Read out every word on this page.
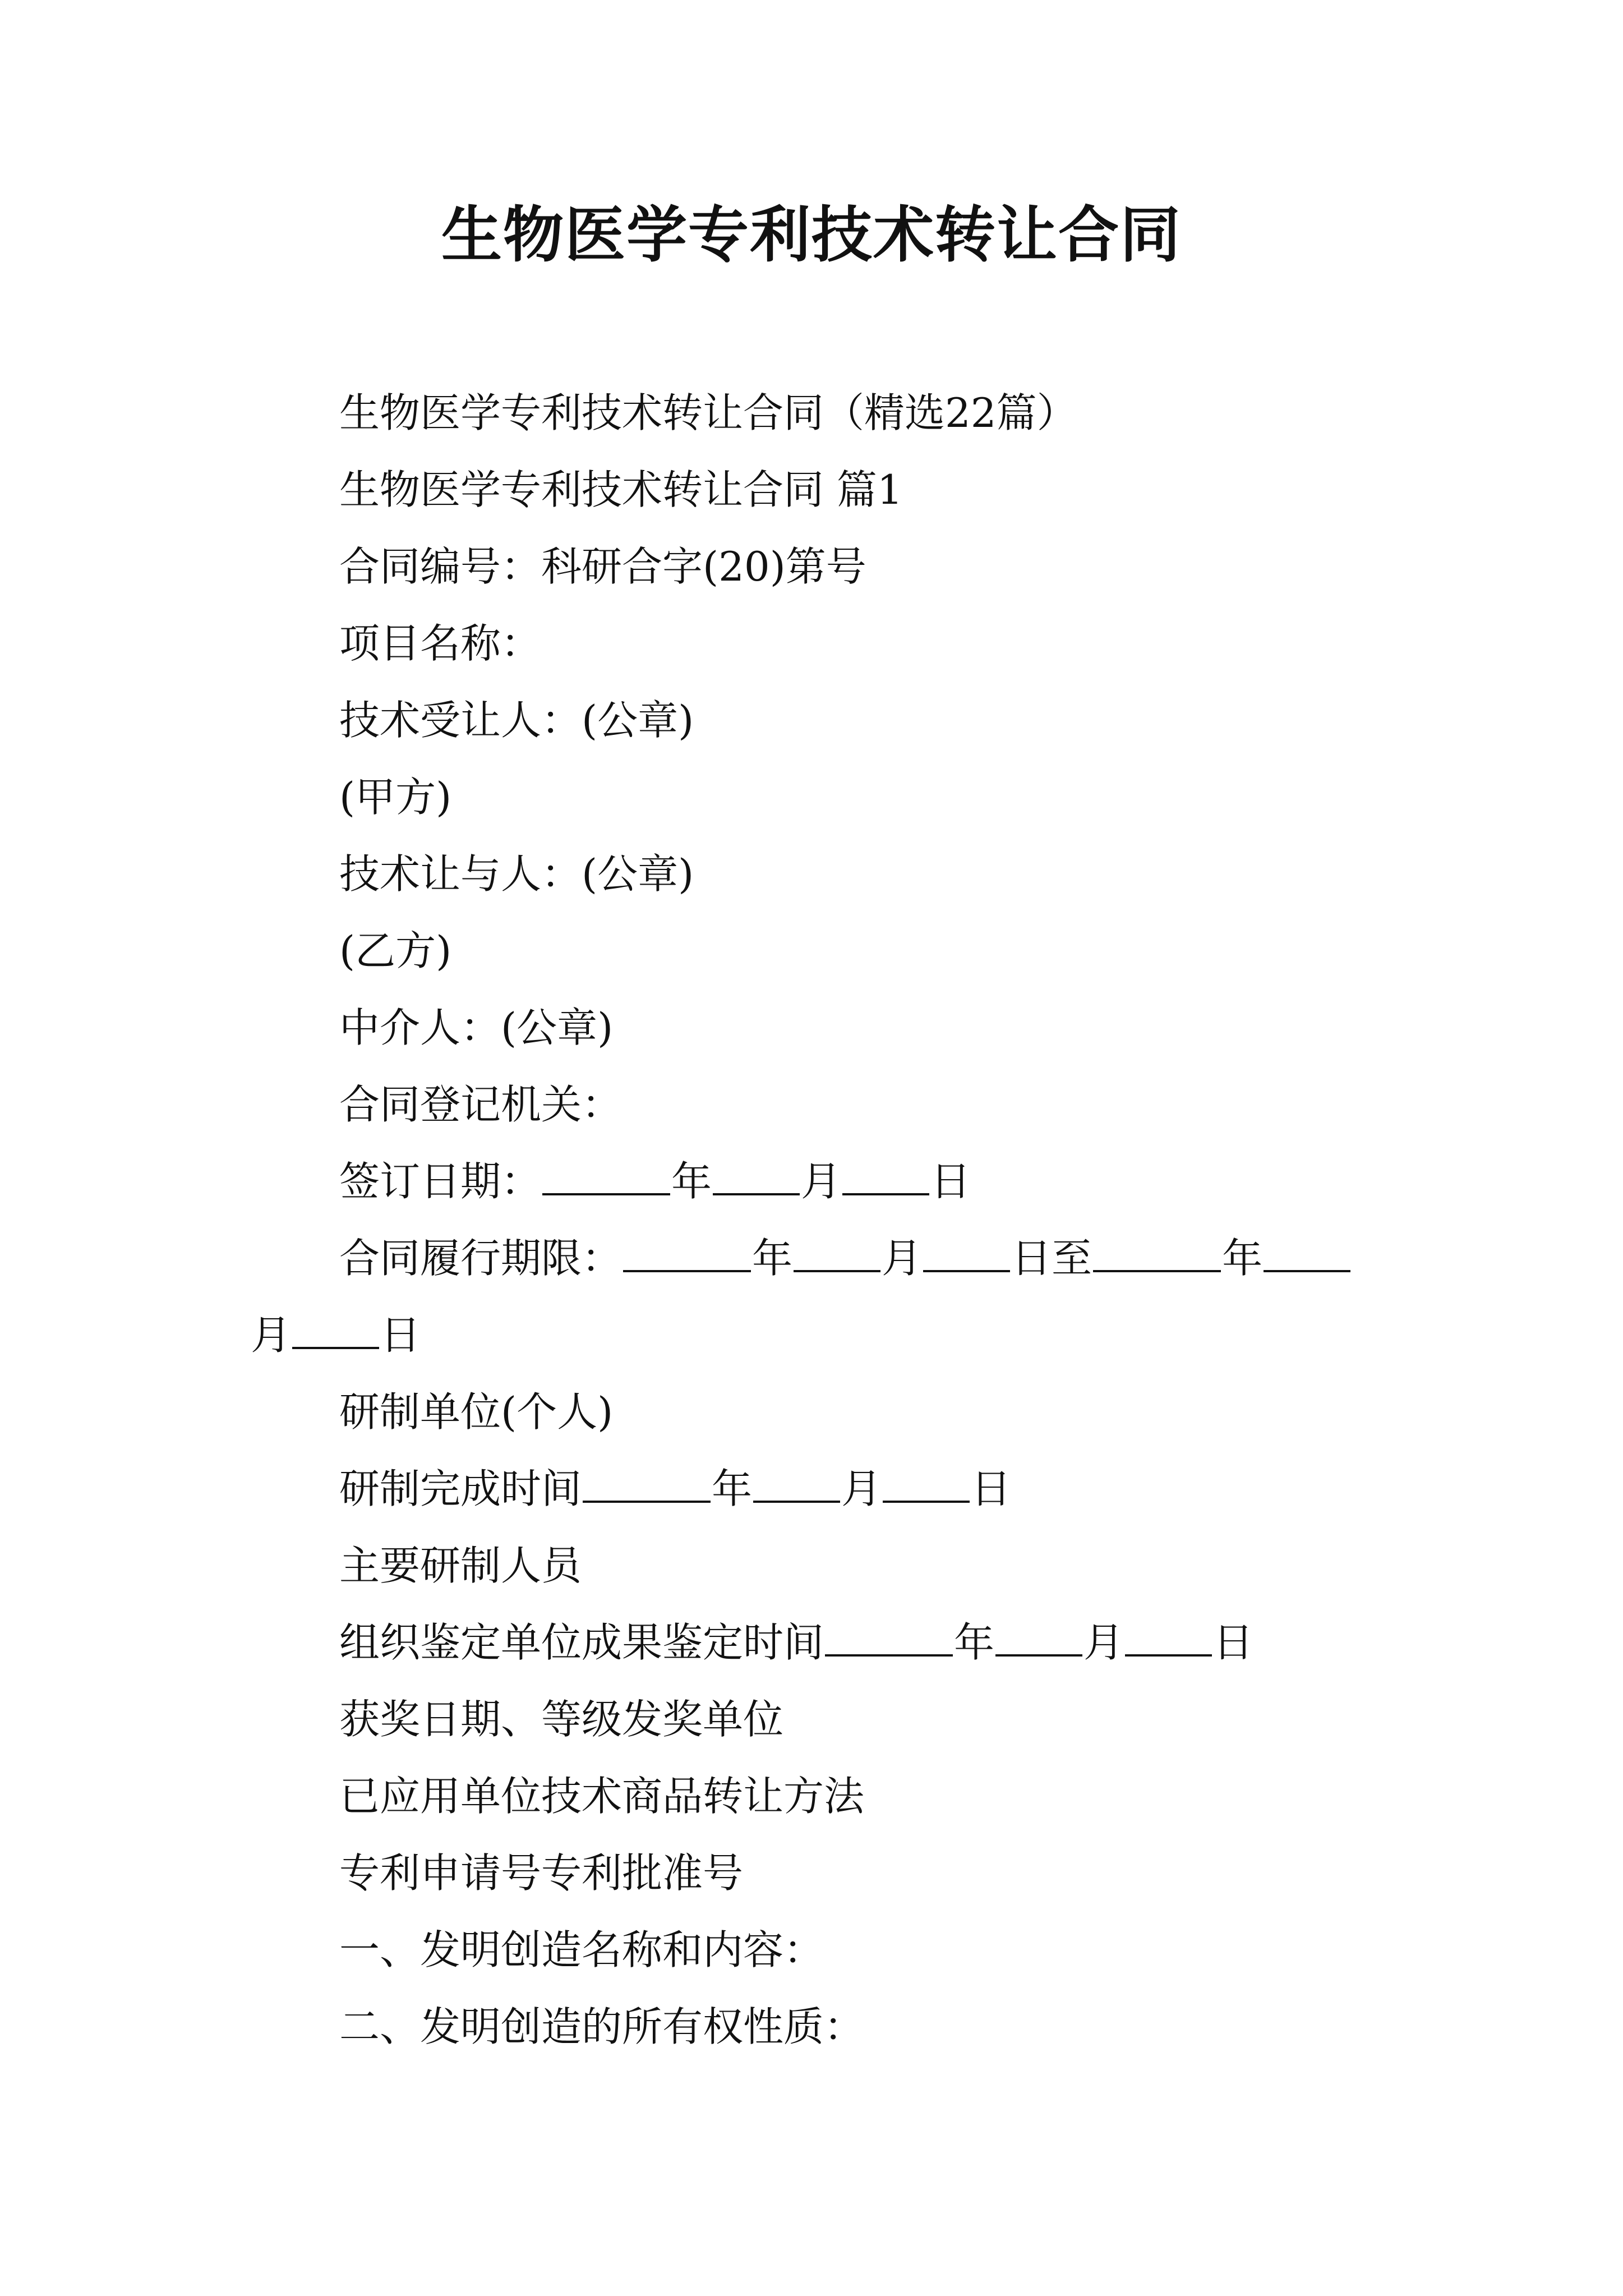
生物医学专利技术转让合同

生物医学专利技术转让合同（精选22篇）

生物医学专利技术转让合同 篇1

合同编号：科研合字(20)第号

项目名称：

技术受让人：(公章)

(甲方)

技术让与人：(公章)

(乙方)

中介人：(公章)

合同登记机关：

签订日期：	年 月 日

合同履行期限：	年 月 日至	年

月 日

研制单位(个人)

研制完成时间	年 月 日

主要研制人员

组织鉴定单位成果鉴定时间	年 月 日

获奖日期、等级发奖单位

已应用单位技术商品转让方法

专利申请号专利批准号

一、发明创造名称和内容：

二、发明创造的所有权性质：
